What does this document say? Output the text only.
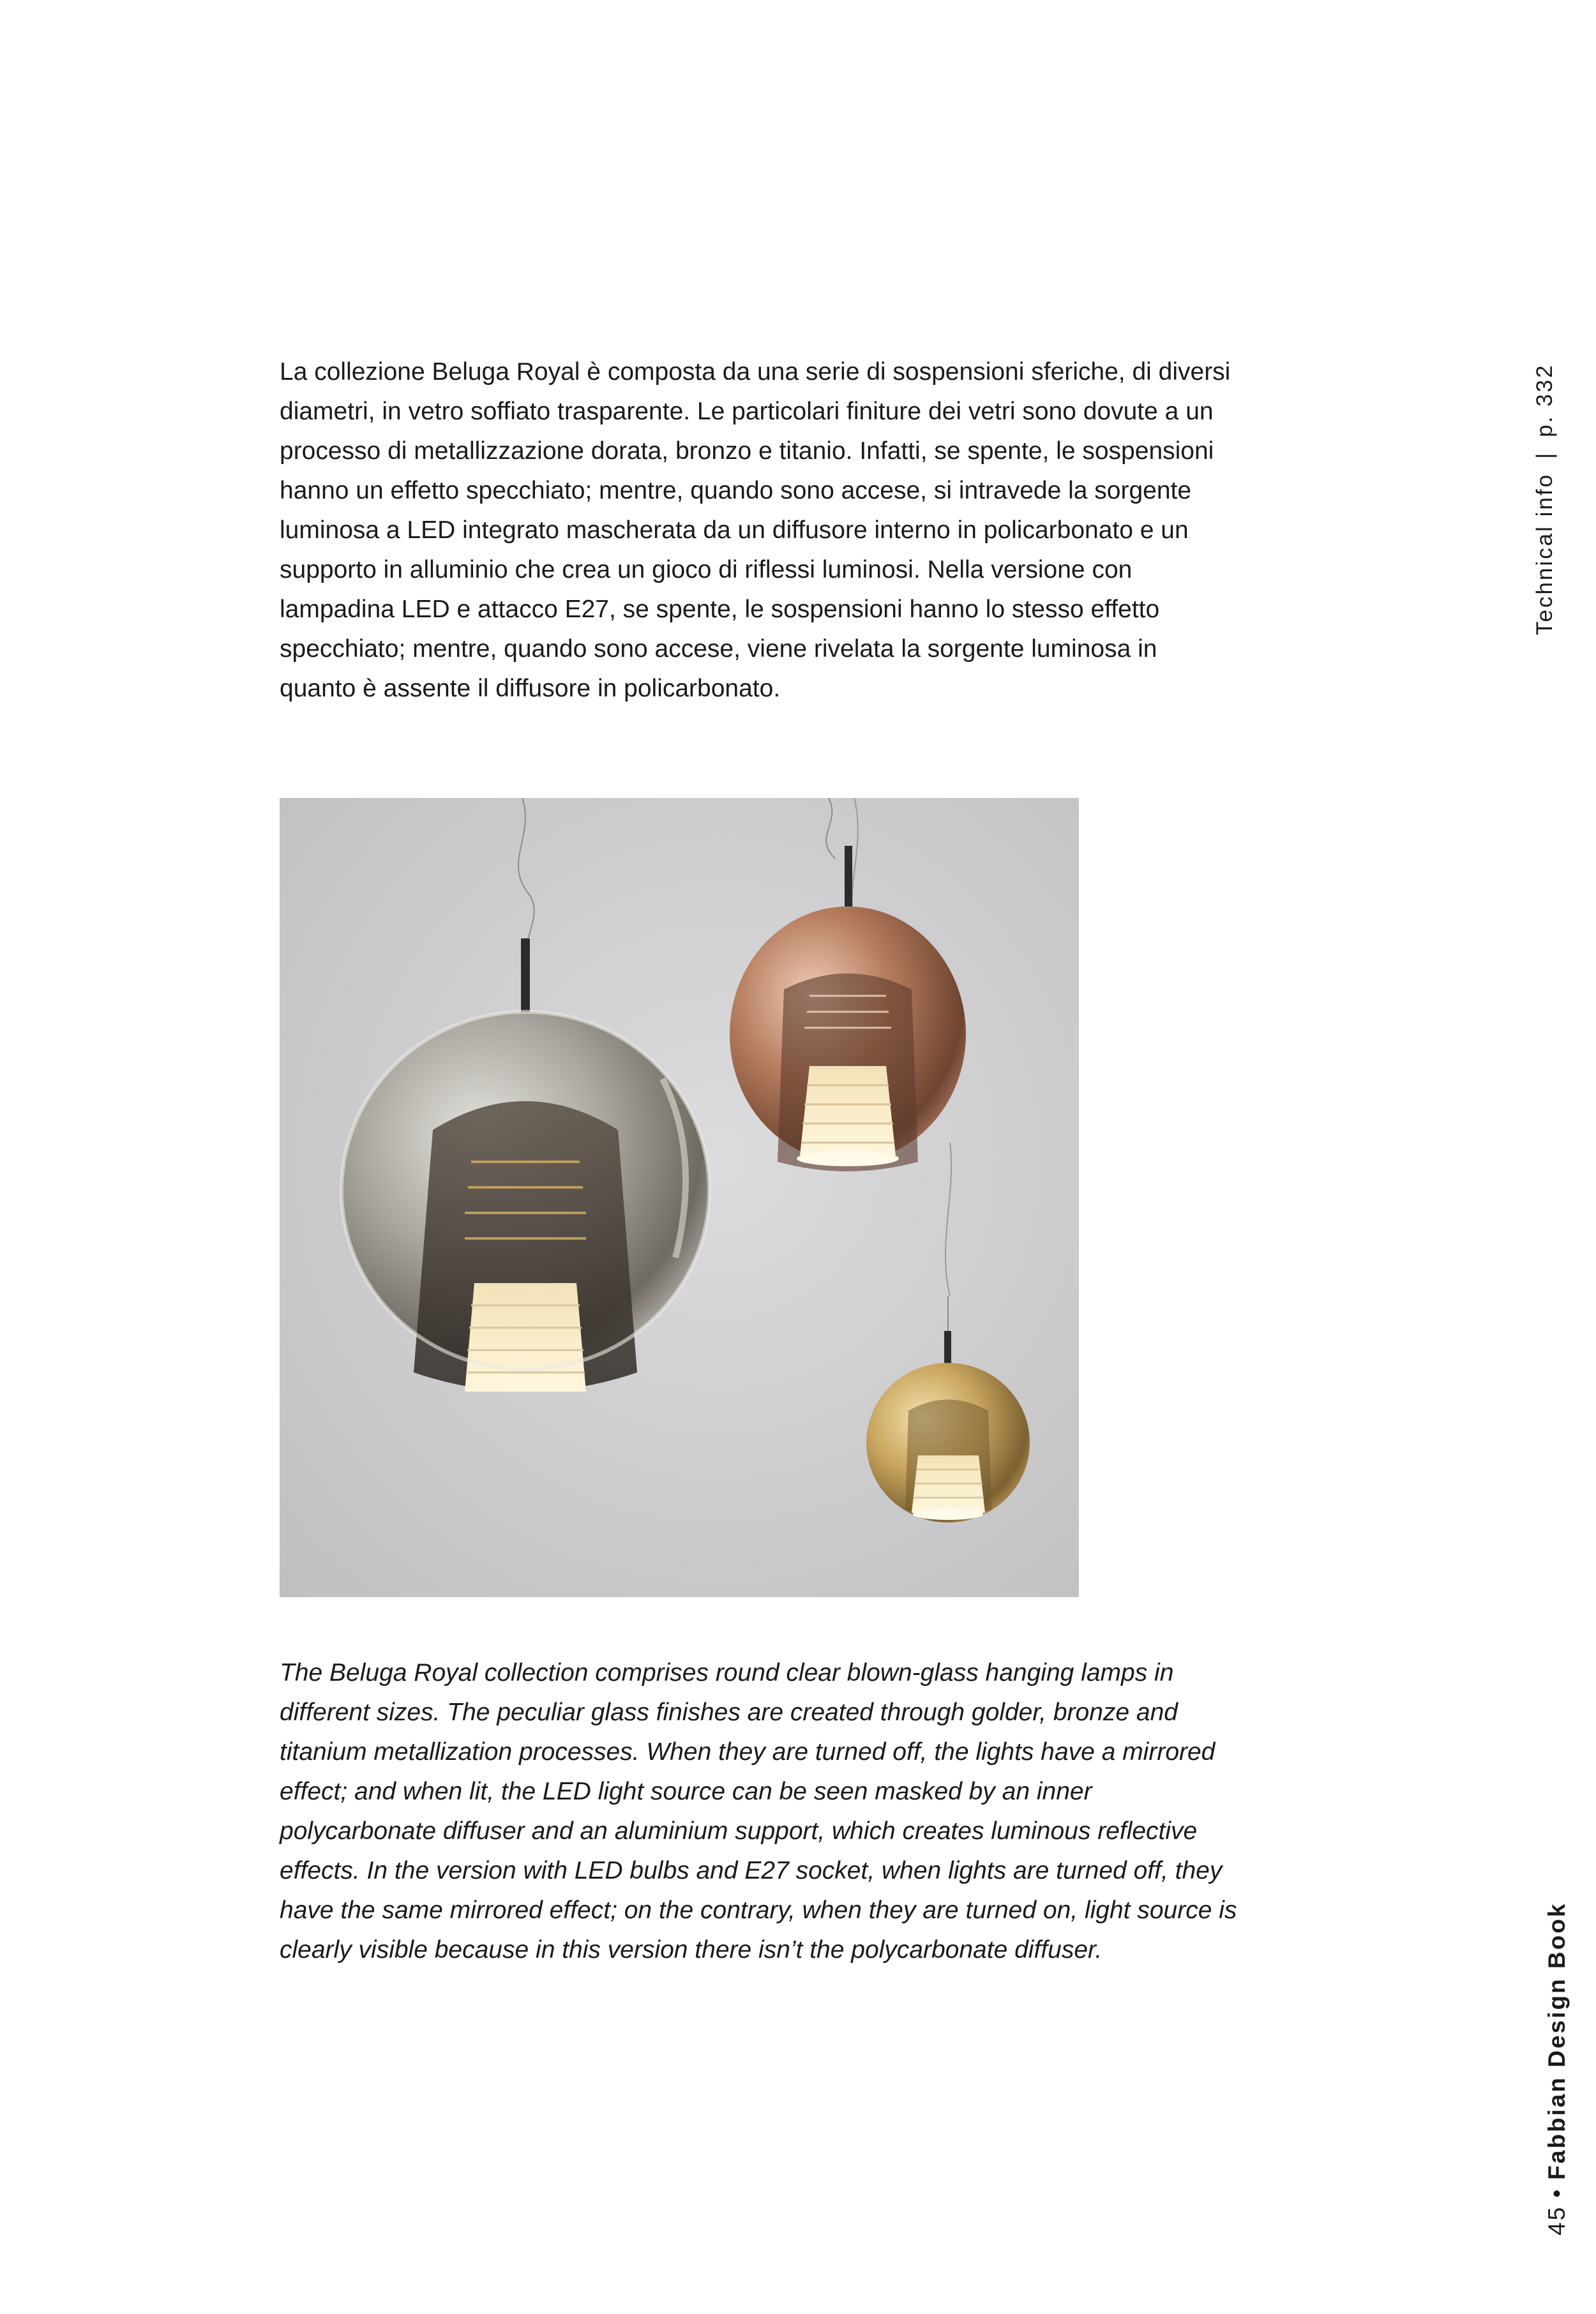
La collezione Beluga Royal è composta da una serie di sospensioni sferiche, di diversi diametri, in vetro soffiato trasparente. Le particolari finiture dei vetri sono dovute a un processo di metallizzazione dorata, bronzo e titanio. Infatti, se spente, le sospensioni hanno un effetto specchiato; mentre, quando sono accese, si intravede la sorgente luminosa a LED integrato mascherata da un diffusore interno in policarbonato e un supporto in alluminio che crea un gioco di riflessi luminosi. Nella versione con lampadina LED e attacco E27, se spente, le sospensioni hanno lo stesso effetto specchiato; mentre, quando sono accese, viene rivelata la sorgente luminosa in quanto è assente il diffusore in policarbonato.

The Beluga Royal collection comprises round clear blown-glass hanging lamps in different sizes. The peculiar glass finishes are created through golder, bronze and titanium metallization processes. When they are turned off, the lights have a mirrored effect; and when lit, the LED light source can be seen masked by an inner polycarbonate diffuser and an aluminium support, which creates luminous reflective effects. In the version with LED bulbs and E27 socket, when lights are turned off, they have the same mirrored effect; on the contrary, when they are turned on, light source is clearly visible because in this version there isn’t the polycarbonate diffuser.

Technical info|p. 332
45•Fabbian Design Book
